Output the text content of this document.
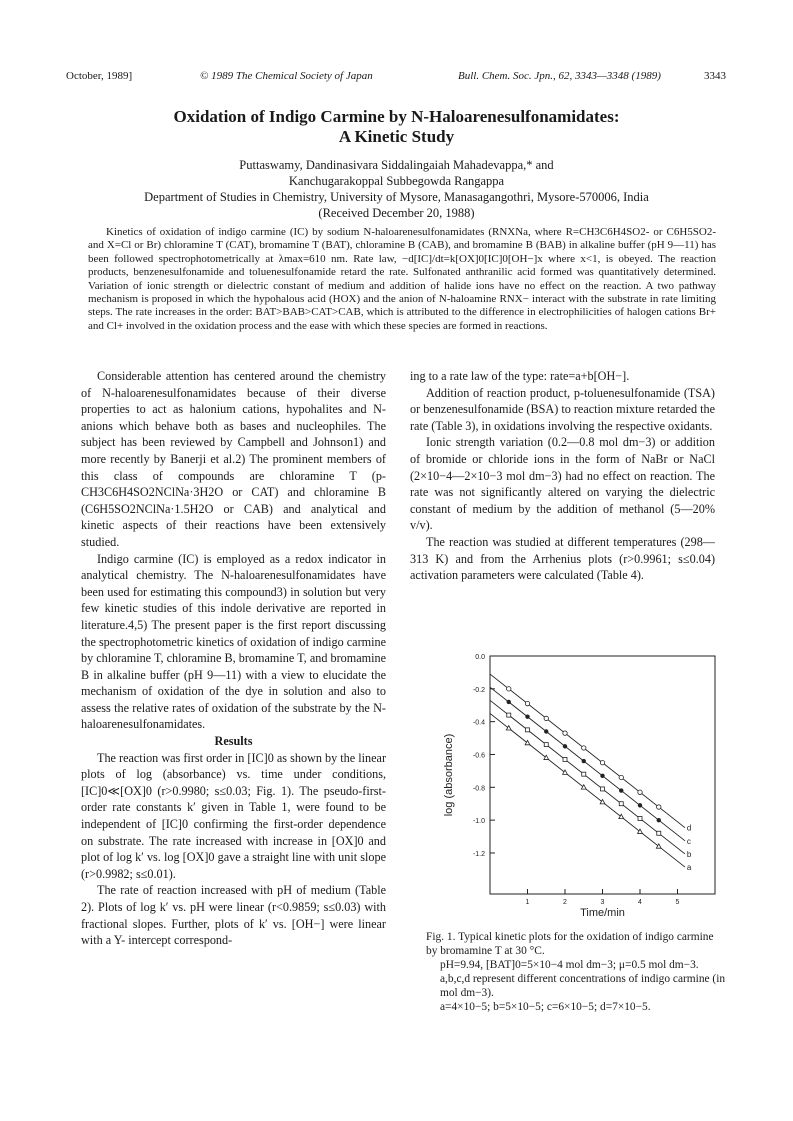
October, 1989]	© 1989 The Chemical Society of Japan	Bull. Chem. Soc. Jpn., 62, 3343—3348 (1989)	3343
Oxidation of Indigo Carmine by N-Haloarenesulfonamidates:
A Kinetic Study
Puttaswamy, Dandinasivara Siddalingaiah Mahadevappa,* and
Kanchugarakoppal Subbegowda Rangappa
Department of Studies in Chemistry, University of Mysore, Manasagangothri, Mysore-570006, India
(Received December 20, 1988)
Kinetics of oxidation of indigo carmine (IC) by sodium N-haloarenesulfonamidates (RNXNa, where R=CH3C6H4SO2- or C6H5SO2- and X=Cl or Br) chloramine T (CAT), bromamine T (BAT), chloramine B (CAB), and bromamine B (BAB) in alkaline buffer (pH 9—11) has been followed spectrophotometrically at λmax=610 nm. Rate law, −d[IC]/dt=k[OX]0[IC]0[OH−]x where x<1, is obeyed. The reaction products, benzenesulfonamide and toluenesulfonamide retard the rate. Sulfonated anthranilic acid formed was quantitatively determined. Variation of ionic strength or dielectric constant of medium and addition of halide ions have no effect on the reaction. A two pathway mechanism is proposed in which the hypohalous acid (HOX) and the anion of N-haloamine RNX− interact with the substrate in rate limiting steps. The rate increases in the order: BAT>BAB>CAT>CAB, which is attributed to the difference in electrophilicities of halogen cations Br+ and Cl+ involved in the oxidation process and the ease with which these species are formed in reactions.

Considerable attention has centered around the chemistry of N-haloarenesulfonamidates because of their diverse properties to act as halonium cations, hypohalites and N-anions which behave both as bases and nucleophiles. The subject has been reviewed by Campbell and Johnson1) and more recently by Banerji et al.2) The prominent members of this class of compounds are chloramine T (p-CH3C6H4SO2NClNa·3H2O or CAT) and chloramine B (C6H5SO2NClNa·1.5H2O or CAB) and analytical and kinetic aspects of their reactions have been extensively studied.

Indigo carmine (IC) is employed as a redox indicator in analytical chemistry. The N-haloarenesulfonamidates have been used for estimating this compound3) in solution but very few kinetic studies of this indole derivative are reported in literature.4,5) The present paper is the first report discussing the spectrophotometric kinetics of oxidation of indigo carmine by chloramine T, chloramine B, bromamine T, and bromamine B in alkaline buffer (pH 9—11) with a view to elucidate the mechanism of oxidation of the dye in solution and also to assess the relative rates of oxidation of the substrate by the N-haloarenesulfonamidates.

Results

The reaction was first order in [IC]0 as shown by the linear plots of log (absorbance) vs. time under conditions, [IC]0≪[OX]0 (r>0.9980; s≤0.03; Fig. 1). The pseudo-first-order rate constants k′ given in Table 1, were found to be independent of [IC]0 confirming the first-order dependence on substrate. The rate increased with increase in [OX]0 and plot of log k′ vs. log [OX]0 gave a straight line with unit slope (r>0.9982; s≤0.01).

The rate of reaction increased with pH of medium (Table 2). Plots of log k′ vs. pH were linear (r<0.9859; s≤0.03) with fractional slopes. Further, plots of k′ vs. [OH−] were linear with a Y- intercept correspond-

ing to a rate law of the type: rate=a+b[OH−].

Addition of reaction product, p-toluenesulfonamide (TSA) or benzenesulfonamide (BSA) to reaction mixture retarded the rate (Table 3), in oxidations involving the respective oxidants.

Ionic strength variation (0.2—0.8 mol dm−3) or addition of bromide or chloride ions in the form of NaBr or NaCl (2×10−4—2×10−3 mol dm−3) had no effect on reaction. The rate was not significantly altered on varying the dielectric constant of medium by the addition of methanol (5—20% v/v).

The reaction was studied at different temperatures (298—313 K) and from the Arrhenius plots (r>0.9961; s≤0.04) activation parameters were calculated (Table 4).

0.0
-0.2
-0.4
-0.6
-0.8
-1.0
-1.2
1	2	3	4	5
Time/min
log (absorbance)
a
b
c
d

Fig. 1. Typical kinetic plots for the oxidation of indigo carmine by bromamine T at 30 °C.

pH=9.94, [BAT]0=5×10−4 mol dm−3; μ=0.5 mol dm−3.

a,b,c,d represent different concentrations of indigo carmine (in mol dm−3).

a=4×10−5; b=5×10−5; c=6×10−5; d=7×10−5.
